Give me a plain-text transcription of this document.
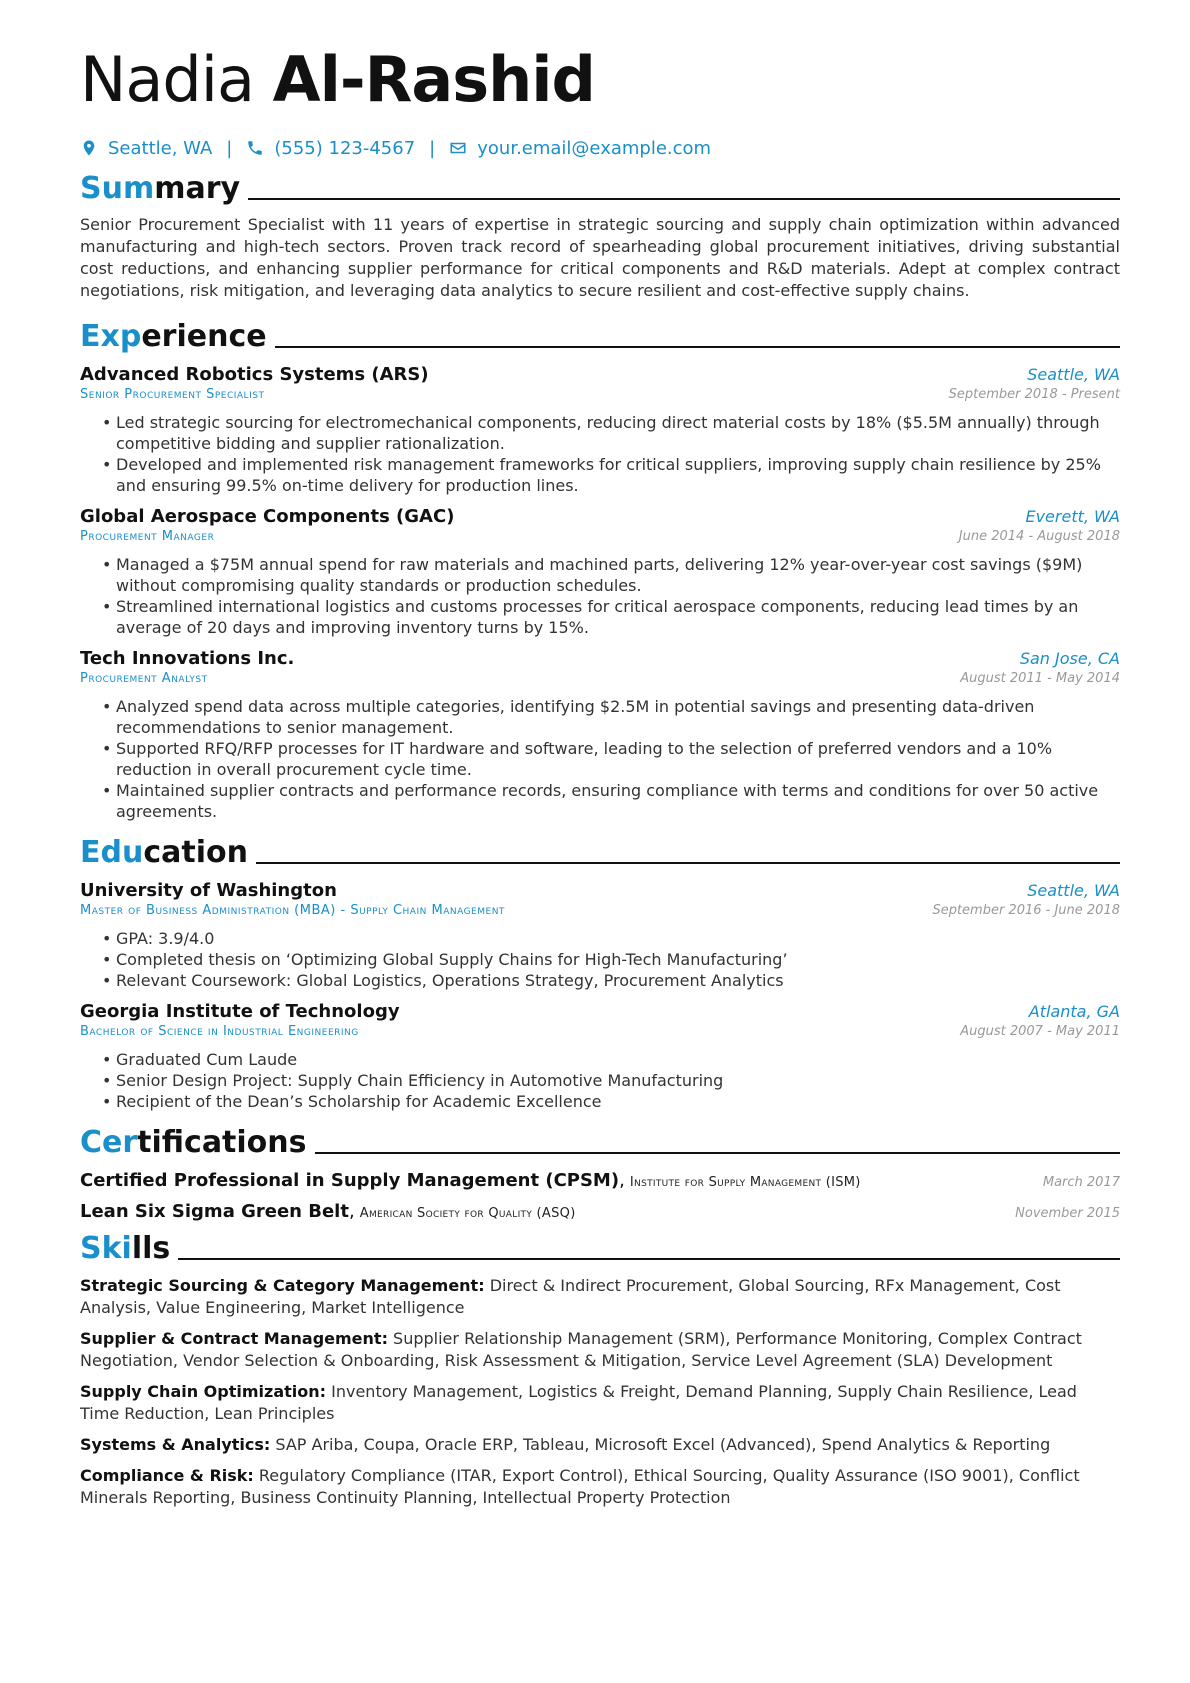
Nadia Al-Rashid
Seattle, WA | (555) 123-4567 | your.email@example.com
Summary
Senior Procurement Specialist with 11 years of expertise in strategic sourcing and supply chain optimization within advanced manufacturing and high-tech sectors. Proven track record of spearheading global procurement initiatives, driving substantial cost reductions, and enhancing supplier performance for critical components and R&D materials. Adept at complex contract negotiations, risk mitigation, and leveraging data analytics to secure resilient and cost-effective supply chains.
Experience
Advanced Robotics Systems (ARS)	Seattle, WA
Senior Procurement Specialist	September 2018 - Present
• Led strategic sourcing for electromechanical components, reducing direct material costs by 18% ($5.5M annually) through competitive bidding and supplier rationalization.
• Developed and implemented risk management frameworks for critical suppliers, improving supply chain resilience by 25% and ensuring 99.5% on-time delivery for production lines.
Global Aerospace Components (GAC)	Everett, WA
Procurement Manager	June 2014 - August 2018
• Managed a $75M annual spend for raw materials and machined parts, delivering 12% year-over-year cost savings ($9M) without compromising quality standards or production schedules.
• Streamlined international logistics and customs processes for critical aerospace components, reducing lead times by an average of 20 days and improving inventory turns by 15%.
Tech Innovations Inc.	San Jose, CA
Procurement Analyst	August 2011 - May 2014
• Analyzed spend data across multiple categories, identifying $2.5M in potential savings and presenting data-driven recommendations to senior management.
• Supported RFQ/RFP processes for IT hardware and software, leading to the selection of preferred vendors and a 10% reduction in overall procurement cycle time.
• Maintained supplier contracts and performance records, ensuring compliance with terms and conditions for over 50 active agreements.
Education
University of Washington	Seattle, WA
Master of Business Administration (MBA) - Supply Chain Management	September 2016 - June 2018
• GPA: 3.9/4.0
• Completed thesis on ‘Optimizing Global Supply Chains for High-Tech Manufacturing’
• Relevant Coursework: Global Logistics, Operations Strategy, Procurement Analytics
Georgia Institute of Technology	Atlanta, GA
Bachelor of Science in Industrial Engineering	August 2007 - May 2011
• Graduated Cum Laude
• Senior Design Project: Supply Chain Efficiency in Automotive Manufacturing
• Recipient of the Dean’s Scholarship for Academic Excellence
Certifications
Certified Professional in Supply Management (CPSM), Institute for Supply Management (ISM)	March 2017
Lean Six Sigma Green Belt, American Society for Quality (ASQ)	November 2015
Skills
Strategic Sourcing & Category Management: Direct & Indirect Procurement, Global Sourcing, RFx Management, Cost Analysis, Value Engineering, Market Intelligence
Supplier & Contract Management: Supplier Relationship Management (SRM), Performance Monitoring, Complex Contract Negotiation, Vendor Selection & Onboarding, Risk Assessment & Mitigation, Service Level Agreement (SLA) Development
Supply Chain Optimization: Inventory Management, Logistics & Freight, Demand Planning, Supply Chain Resilience, Lead Time Reduction, Lean Principles
Systems & Analytics: SAP Ariba, Coupa, Oracle ERP, Tableau, Microsoft Excel (Advanced), Spend Analytics & Reporting
Compliance & Risk: Regulatory Compliance (ITAR, Export Control), Ethical Sourcing, Quality Assurance (ISO 9001), Conflict Minerals Reporting, Business Continuity Planning, Intellectual Property Protection
